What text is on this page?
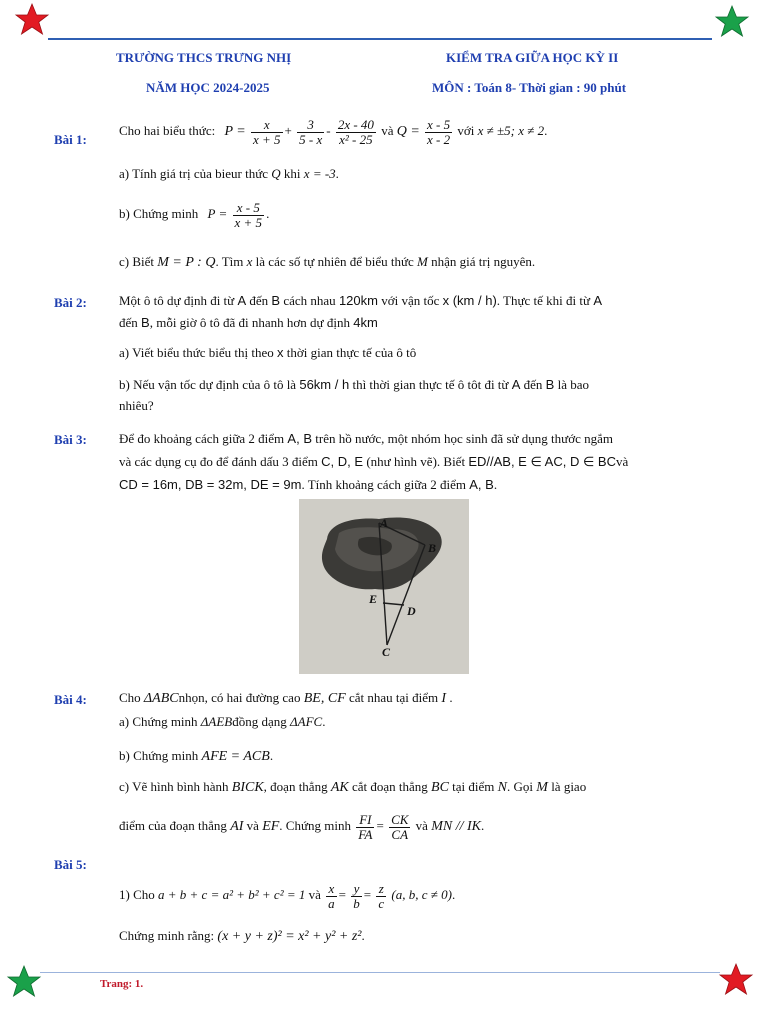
TRƯỜNG THCS TRƯNG NHỊ	KIỂM TRA GIỮA HỌC KỲ II
NĂM HỌC 2024-2025	MÔN : Toán 8- Thời gian : 90 phút
Bài 1:
Cho hai biểu thức: $P = \frac{x}{x + 5} + \frac{3}{5 - x} - \frac{2x - 40}{\text{x² - 25}}$ và $Q = \frac{x - 5}{x - 2}$ với x ≠ ±5; x ≠ 2.
a) Tính giá trị của bieur thức Q khi x = -3.
b) Chứng minh $P = \frac{x - 5}{x + 5}$ .
c) Biết M = P : Q. Tìm x là các số tự nhiên để biểu thức M nhận giá trị nguyên.
Bài 2: Một ô tô dự định đi từ A đến B cách nhau 120km với vận tốc x (km / h). Thực tế khi đi từ A
đến B, mỗi giờ ô tô đã đi nhanh hơn dự định 4km
a) Viết biểu thức biểu thị theo x thời gian thực tế của ô tô
b) Nếu vận tốc dự định của ô tô là 56km / h thì thời gian thực tế ô tôt đi từ A đến B là bao
nhiêu?
Bài 3: Để đo khoảng cách giữa 2 điểm A, B trên hồ nước, một nhóm học sinh đã sử dụng thước ngắm
và các dụng cụ đo để đánh dấu 3 điểm C, D, E (như hình vẽ). Biết ED//AB, E ∈ AC, D ∈ BCvà
CD = 16m, DB = 32m, DE = 9m. Tính khoảng cách giữa 2 điểm A, B.
A
B
E
D
C
Bài 4: Cho ΔABCnhọn, có hai đường cao BE, CF cắt nhau tại điểm I .
a) Chứng minh ΔAEBđồng dạng ΔAFC.
b) Chứng minh AFE = ACB.
c) Vẽ hình bình hành BICK, đoạn thẳng AK cắt đoạn thẳng BC tại điểm N. Gọi M là giao
điểm của đoạn thẳng AI và EF. Chứng minh $\frac{FI}{FA} = \frac{CK}{CA}$ và MN // IK.
Bài 5:
1) Cho a + b + c = a² + b² + c² = 1 và $\frac{x}{a} = \frac{y}{b} = \frac{z}{c} (a$, b, c ≠ 0).
Chứng minh rằng: (x + y + z)² = x² + y² + z².
Trang: 1.
